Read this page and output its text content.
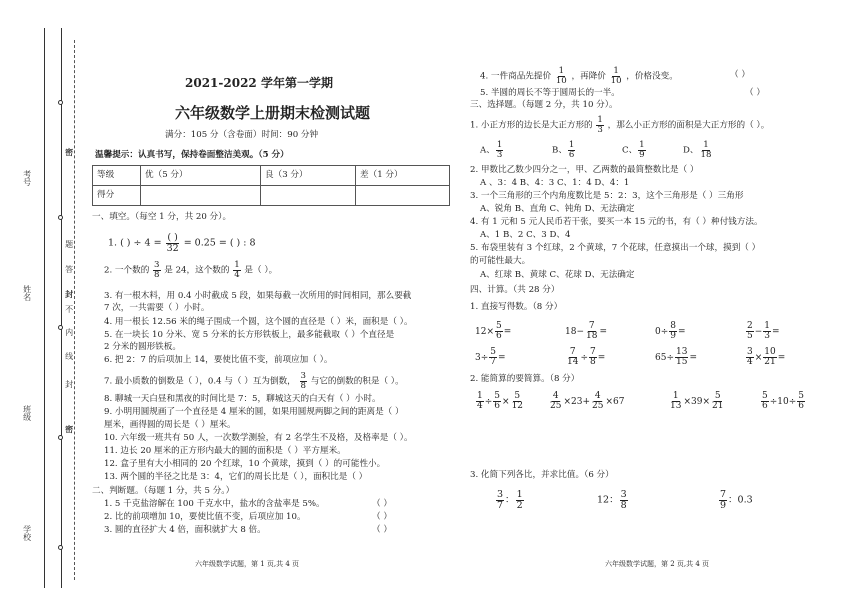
考号
姓名
班级
学校
密
题
答
封
不
内
线
封
密
2021-2022 学年第一学期
六年级数学上册期末检测试题
满分：105 分（含卷面）时间：90 分钟
温馨提示：认真书写，保持卷面整洁美观。（5 分）
等级	优（5 分）	良（3 分）	差（1 分）
得分			
一、填空。（每空 1 分，共 20 分）。
1. ( ) ÷ $4 = \frac{( )}{32} = 0.25$ = ( ) : 8
2. 一个数的 $\frac{3}{8}$ 是 24，这个数的 $\frac{1}{4}$ 是（ ）。
3. 有一根木料，用 0.4 小时截成 5 段，如果每截一次所用的时间相同，那么要截
7 次，一共需要（ ）小时。
4. 用一根长 12.56 米的绳子围成一个圆，这个圆的直径是（ ）米，面积是（ ）。
5. 在一块长 10 分米、宽 5 分米的长方形铁板上，最多能截取（ ）个直径是
2 分米的圆形铁板。
6. 把 2：7 的后项加上 14，要使比值不变，前项应加（ ）。
7. 最小质数的倒数是（ ），0.4 与（ ）互为倒数， $\frac{3}{8}$ 与它的倒数的积是（ ）。
8. 聊城一天白昼和黑夜的时间比是 7：5，聊城这天的白天有（ ）小时。
9. 小明用圆规画了一个直径是 4 厘米的圆，如果用圆规两脚之间的距离是（ ）
厘米，画得圆的周长是（ ）厘米。
10. 六年级一班共有 50 人，一次数学测验，有 2 名学生不及格，及格率是（ ）。
11. 边长 20 厘米的正方形内最大的圆的面积是（ ）平方厘米。
12. 盒子里有大小相同的 20 个红球，10 个黄球，摸到（ ）的可能性小。
13. 两个圆的半径之比是 3：4，它们的周长比是（ ），面积比是（ ）
二、判断题。（每题 1 分，共 5 分。）
1. 5 千克盐溶解在 100 千克水中，盐水的含盐率是 5%。	（ ）
2. 比的前项增加 10，要使比值不变，后项应加 10。	（ ）
3. 圆的直径扩大 4 倍，面积就扩大 8 倍。	（ ）
六年级数学试题，第 1 页,共 4 页
4. 一件商品先提价 $\frac{1}{10}$ ，再降价 $\frac{1}{10}$ ，价格没变。	（ ）
5. 半圆的周长不等于圆周长的一半。	（ ）
三、选择题。（每题 2 分，共 10 分）。
1. 小正方形的边长是大正方形的 $\frac{1}{3}$ ，那么小正方形的面积是大正方形的（ ）。
A、 $\frac{1}{3}$	B、 $\frac{1}{6}$	C、 $\frac{1}{9}$	D、 $\frac{1}{18}$
2. 甲数比乙数少四分之一，甲、乙两数的最简整数比是（ ）
A 、3：4 B、4：3 C、1：4 D、4：1
3. 一个三角形的三个内角度数比是 5：2：3，这个三角形是（ ）三角形
A、锐角 B、直角 C、钝角 D、无法确定
4. 有 1 元和 5 元人民币若干张，要买一本 15 元的书，有（ ）种付钱方法。
A、1 B、2 C、3 D、4
5. 布袋里装有 3 个红球，2 个黄球，7 个花球，任意摸出一个球，摸到（ ）
的可能性最大。
A、红球 B、黄球 C、花球 D、无法确定
四、计算。（共 28 分）
1. 直接写得数。（8 分）
$12\times \frac{5}{6}$ =	$18- \frac{7}{18}$ =	$0\div \frac{8}{9}$ =	$\frac{2}{5} - \frac{1}{3}$ =
$3\div \frac{5}{7}$ =	$\frac{7}{14} \div \frac{7}{8}$ =	$65\div \frac{13}{15}$ =	$\frac{3}{4} \times \frac{10}{21}$ =
2. 能简算的要简算。（8 分）
$\frac{1}{4} \div \frac{5}{6} \times \frac{5}{12}$	$\frac{4}{25} \times 23+ \frac{4}{25} \times 67$	$\frac{1}{13} \times 39\times \frac{5}{21}$	$\frac{5}{6} \div 10\div \frac{5}{6}$
3. 化简下列各比，并求比值。（6 分）
$\frac{3}{7}$ ： $\frac{1}{2}$	12： $\frac{3}{8}$	$\frac{7}{9}$ ：0.3
六年级数学试题，第 2 页,共 4 页
